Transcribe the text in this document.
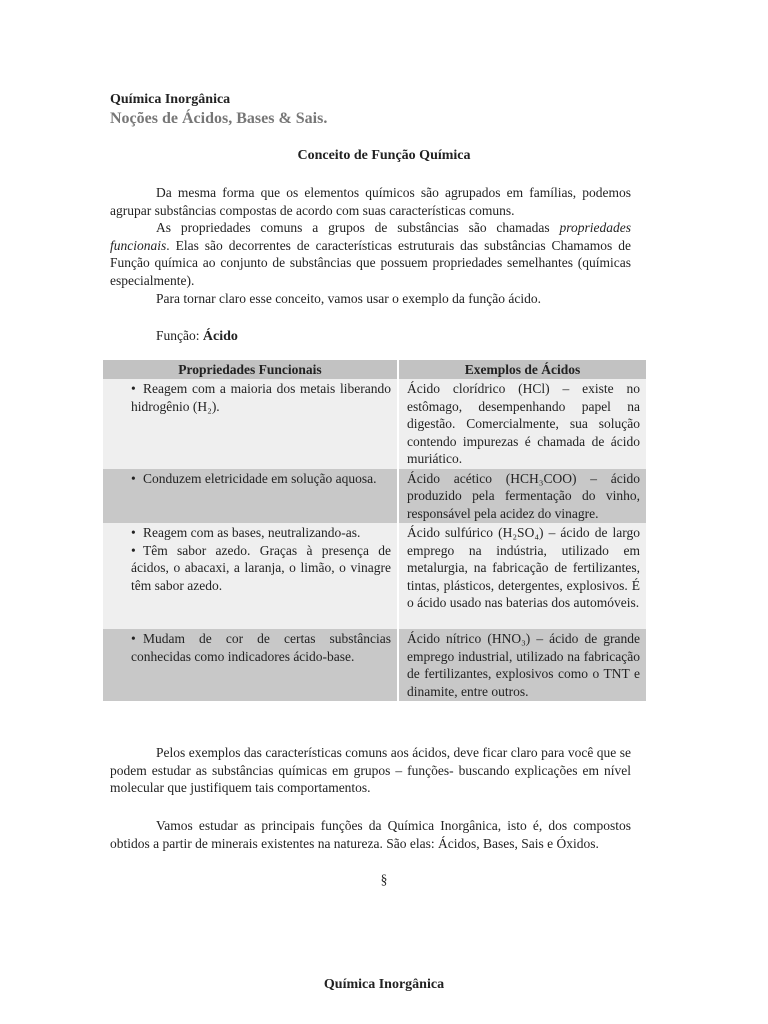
Química Inorgânica
Noções de Ácidos, Bases & Sais.
Conceito de Função Química

Da mesma forma que os elementos químicos são agrupados em famílias, podemos agrupar substâncias compostas de acordo com suas características comuns.

As propriedades comuns a grupos de substâncias são chamadas propriedades funcionais. Elas são decorrentes de características estruturais das substâncias Chamamos de Função química ao conjunto de substâncias que possuem propriedades semelhantes (químicas especialmente).

Para tornar claro esse conceito, vamos usar o exemplo da função ácido.

Função: Ácido
Propriedades Funcionais	Exemplos de Ácidos

• Reagem com a maioria dos metais liberando hidrogênio (H₂).	Ácido clorídrico (HCl) – existe no estômago, desempenhando papel na digestão. Comercialmente, sua solução contendo impurezas é chamada de ácido muriático.

• Conduzem eletricidade em solução aquosa.	Ácido acético (HCH₃COO) – ácido produzido pela fermentação do vinho, responsável pela acidez do vinagre.

• Reagem com as bases, neutralizando-as.
• Têm sabor azedo. Graças à presença de ácidos, o abacaxi, a laranja, o limão, o vinagre têm sabor azedo.	Ácido sulfúrico (H₂SO₄) – ácido de largo emprego na indústria, utilizado em metalurgia, na fabricação de fertilizantes, tintas, plásticos, detergentes, explosivos. É o ácido usado nas baterias dos automóveis.

• Mudam de cor de certas substâncias conhecidas como indicadores ácido-base.	Ácido nítrico (HNO₃) – ácido de grande emprego industrial, utilizado na fabricação de fertilizantes, explosivos como o TNT e dinamite, entre outros.

Pelos exemplos das características comuns aos ácidos, deve ficar claro para você que se podem estudar as substâncias químicas em grupos – funções- buscando explicações em nível molecular que justifiquem tais comportamentos.

Vamos estudar as principais funções da Química Inorgânica, isto é, dos compostos obtidos a partir de minerais existentes na natureza. São elas: Ácidos, Bases, Sais e Óxidos.

§
Química Inorgânica
